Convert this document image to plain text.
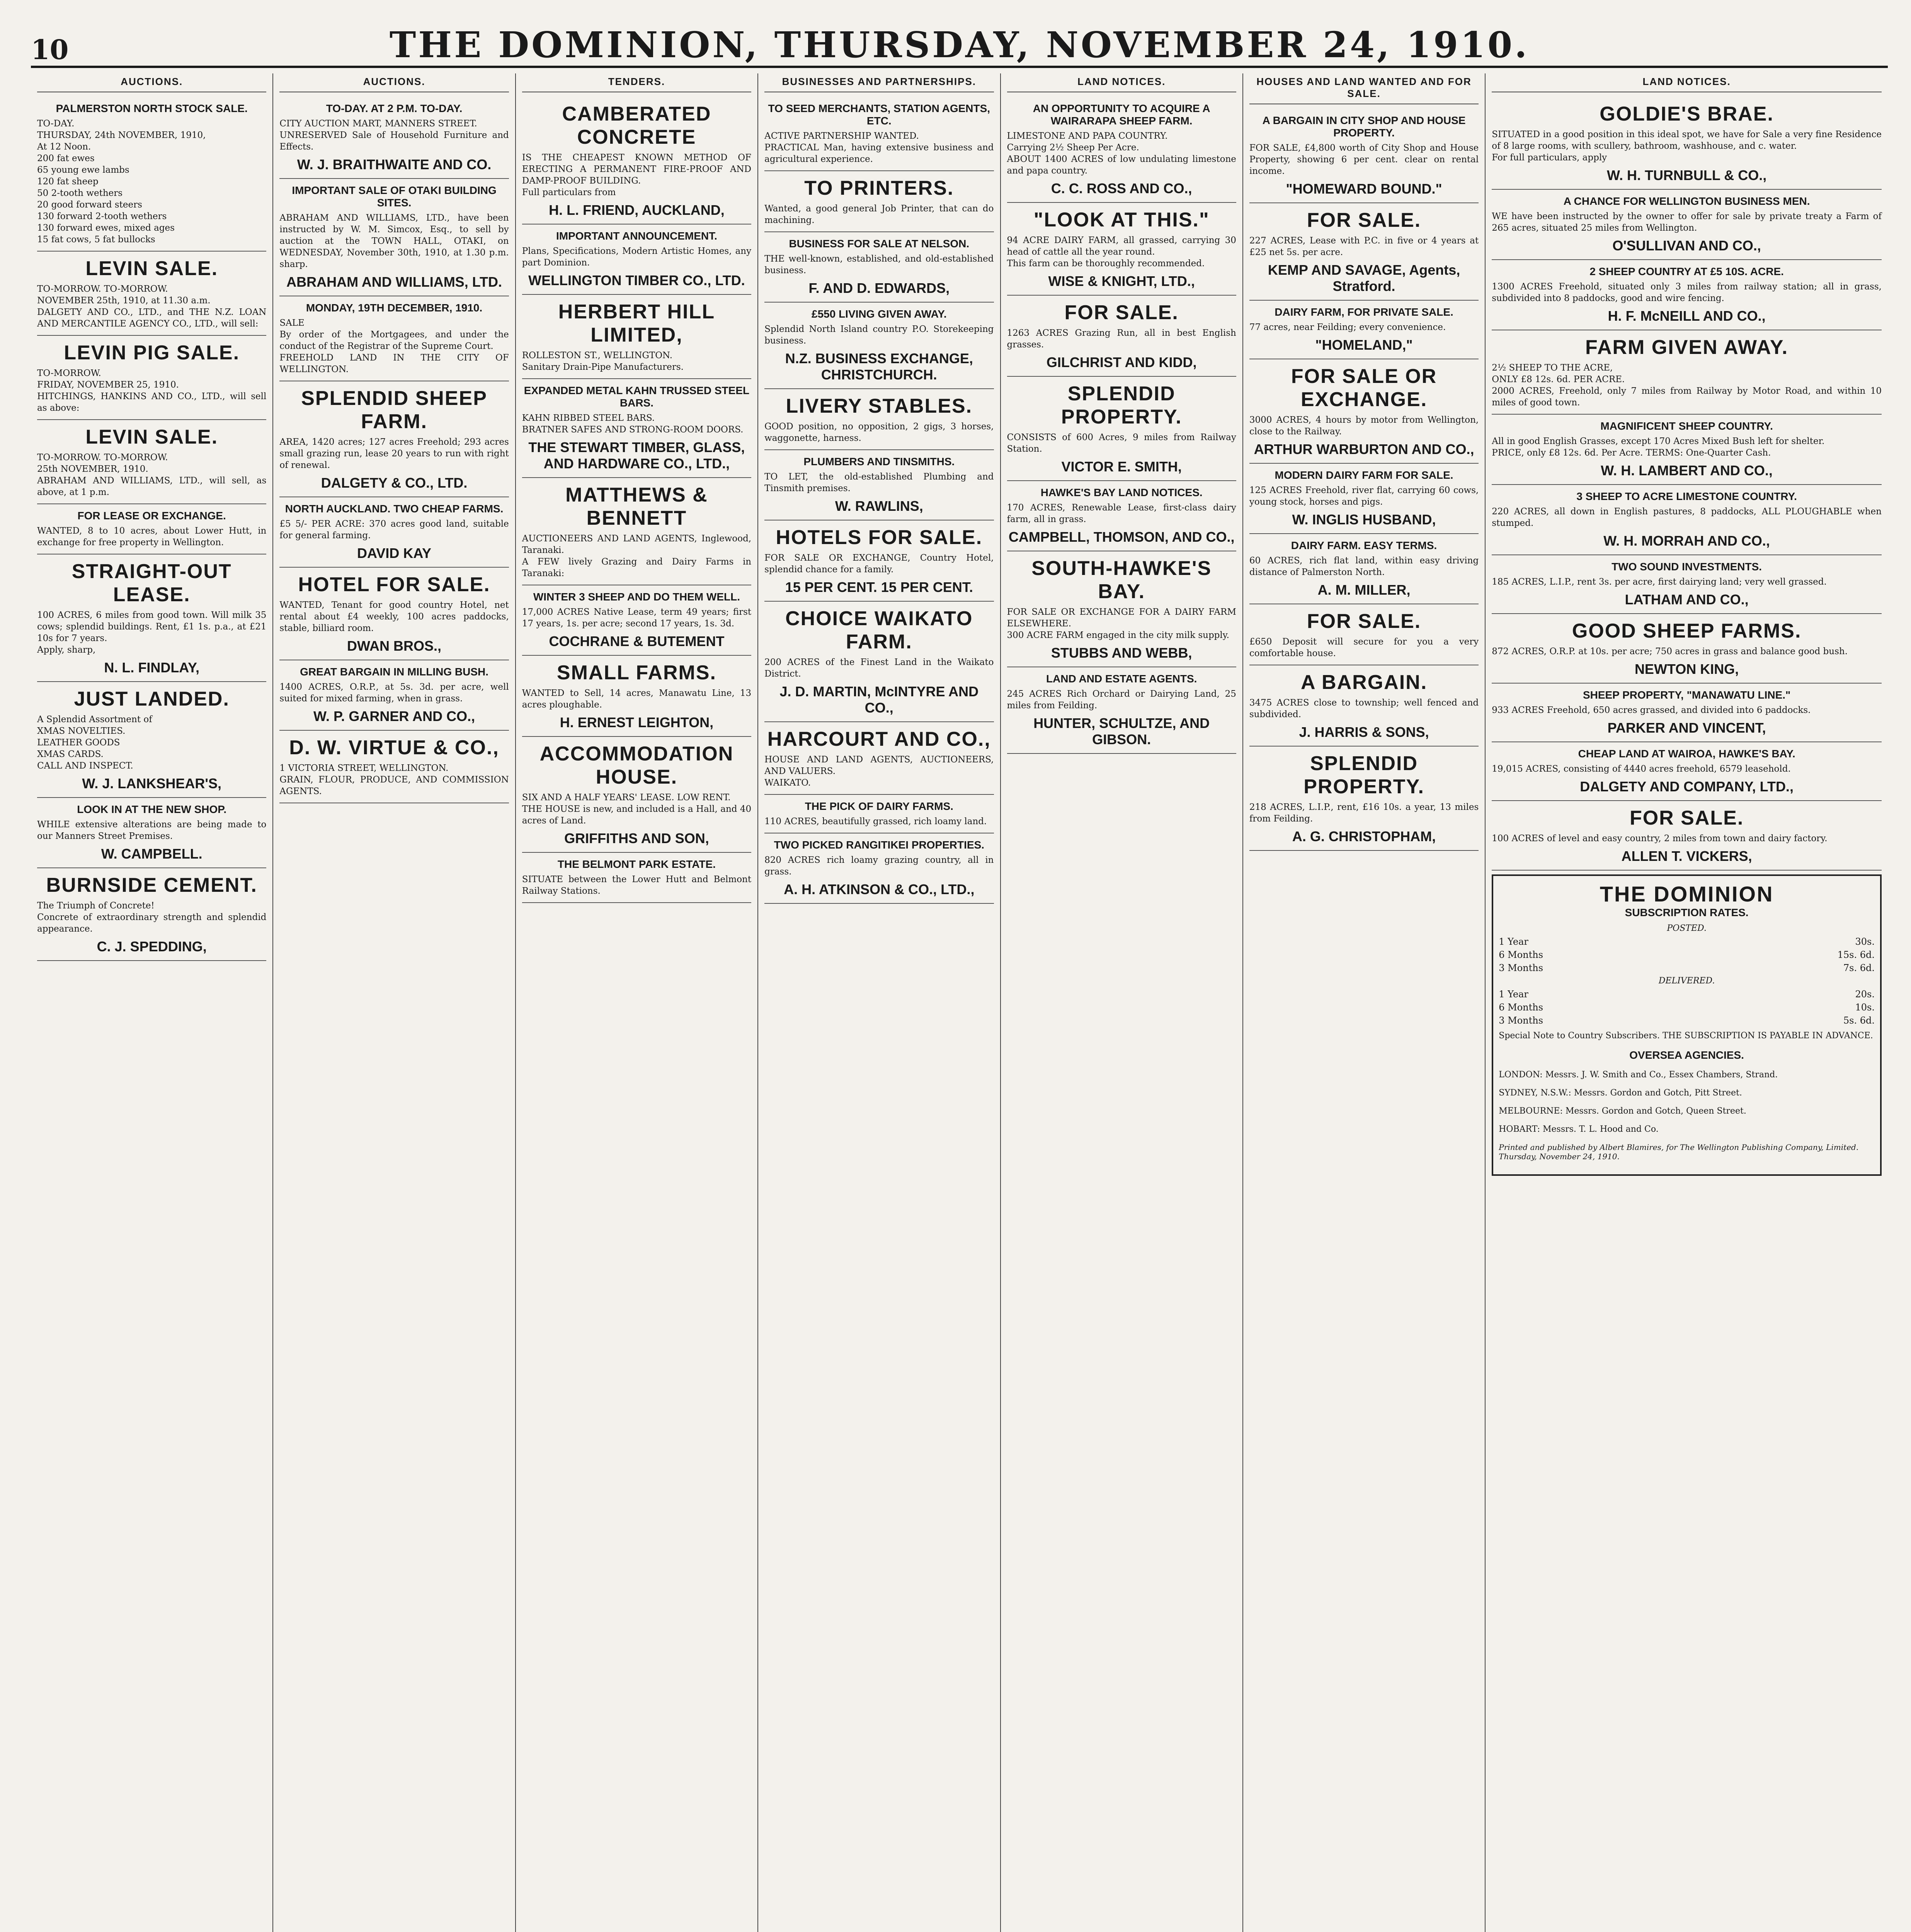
10	THE DOMINION, THURSDAY, NOVEMBER 24, 1910.
AUCTIONS.
PALMERSTON NORTH STOCK SALE.

TO-DAY.

THURSDAY, 24th NOVEMBER, 1910,

At 12 Noon.

200 fat ewes

65 young ewe lambs

120 fat sheep

50 2-tooth wethers

20 good forward steers

130 forward 2-tooth wethers

130 forward ewes, mixed ages

15 fat cows, 5 fat bullocks

LEVIN SALE.

TO-MORROW. TO-MORROW.

NOVEMBER 25th, 1910, at 11.30 a.m.

DALGETY AND CO., LTD., and THE N.Z. LOAN AND MERCANTILE AGENCY CO., LTD., will sell:

LEVIN PIG SALE.

TO-MORROW.

FRIDAY, NOVEMBER 25, 1910.

HITCHINGS, HANKINS AND CO., LTD., will sell as above:

LEVIN SALE.

TO-MORROW. TO-MORROW.

25th NOVEMBER, 1910.

ABRAHAM AND WILLIAMS, LTD., will sell, as above, at 1 p.m.

FOR LEASE OR EXCHANGE.

WANTED, 8 to 10 acres, about Lower Hutt, in exchange for free property in Wellington.

STRAIGHT-OUT LEASE.

100 ACRES, 6 miles from good town. Will milk 35 cows; splendid buildings. Rent, £1 1s. p.a., at £21 10s for 7 years.

Apply, sharp,

N. L. FINDLAY,
JUST LANDED.

A Splendid Assortment of

XMAS NOVELTIES.

LEATHER GOODS

XMAS CARDS.

CALL AND INSPECT.

W. J. LANKSHEAR'S,
LOOK IN AT THE NEW SHOP.

WHILE extensive alterations are being made to our Manners Street Premises.

W. CAMPBELL.
BURNSIDE CEMENT.

The Triumph of Concrete!

Concrete of extraordinary strength and splendid appearance.

C. J. SPEDDING,
AUCTIONS.
TO-DAY. AT 2 P.M. TO-DAY.

CITY AUCTION MART, MANNERS STREET.

UNRESERVED Sale of Household Furniture and Effects.

W. J. BRAITHWAITE AND CO.
IMPORTANT SALE OF OTAKI BUILDING SITES.

ABRAHAM AND WILLIAMS, LTD., have been instructed by W. M. Simcox, Esq., to sell by auction at the TOWN HALL, OTAKI, on WEDNESDAY, November 30th, 1910, at 1.30 p.m. sharp.

ABRAHAM AND WILLIAMS, LTD.
MONDAY, 19TH DECEMBER, 1910.

SALE

By order of the Mortgagees, and under the conduct of the Registrar of the Supreme Court.

FREEHOLD LAND IN THE CITY OF WELLINGTON.

SPLENDID SHEEP FARM.

AREA, 1420 acres; 127 acres Freehold; 293 acres small grazing run, lease 20 years to run with right of renewal.

DALGETY & CO., LTD.
NORTH AUCKLAND. TWO CHEAP FARMS.

£5 5/- PER ACRE: 370 acres good land, suitable for general farming.

DAVID KAY
HOTEL FOR SALE.

WANTED, Tenant for good country Hotel, net rental about £4 weekly, 100 acres paddocks, stable, billiard room.

DWAN BROS.,
GREAT BARGAIN IN MILLING BUSH.

1400 ACRES, O.R.P., at 5s. 3d. per acre, well suited for mixed farming, when in grass.

W. P. GARNER AND CO.,
D. W. VIRTUE & CO.,

1 VICTORIA STREET, WELLINGTON.

GRAIN, FLOUR, PRODUCE, AND COMMISSION AGENTS.

TENDERS.
CAMBERATED CONCRETE

IS THE CHEAPEST KNOWN METHOD OF ERECTING A PERMANENT FIRE-PROOF AND DAMP-PROOF BUILDING.

Full particulars from

H. L. FRIEND, AUCKLAND,
IMPORTANT ANNOUNCEMENT.

Plans, Specifications, Modern Artistic Homes, any part Dominion.

WELLINGTON TIMBER CO., LTD.
HERBERT HILL LIMITED,

ROLLESTON ST., WELLINGTON.

Sanitary Drain-Pipe Manufacturers.

EXPANDED METAL KAHN TRUSSED STEEL BARS.

KAHN RIBBED STEEL BARS.

BRATNER SAFES AND STRONG-ROOM DOORS.

THE STEWART TIMBER, GLASS, AND HARDWARE CO., LTD.,
MATTHEWS & BENNETT

AUCTIONEERS AND LAND AGENTS, Inglewood, Taranaki.

A FEW lively Grazing and Dairy Farms in Taranaki:

WINTER 3 SHEEP AND DO THEM WELL.

17,000 ACRES Native Lease, term 49 years; first 17 years, 1s. per acre; second 17 years, 1s. 3d.

COCHRANE & BUTEMENT
SMALL FARMS.

WANTED to Sell, 14 acres, Manawatu Line, 13 acres ploughable.

H. ERNEST LEIGHTON,
ACCOMMODATION HOUSE.

SIX AND A HALF YEARS' LEASE. LOW RENT.

THE HOUSE is new, and included is a Hall, and 40 acres of Land.

GRIFFITHS AND SON,
THE BELMONT PARK ESTATE.

SITUATE between the Lower Hutt and Belmont Railway Stations.

BUSINESSES AND PARTNERSHIPS.
TO SEED MERCHANTS, STATION AGENTS, ETC.

ACTIVE PARTNERSHIP WANTED.

PRACTICAL Man, having extensive business and agricultural experience.

TO PRINTERS.

Wanted, a good general Job Printer, that can do machining.

BUSINESS FOR SALE AT NELSON.

THE well-known, established, and old-established business.

F. AND D. EDWARDS,
£550 LIVING GIVEN AWAY.

Splendid North Island country P.O. Storekeeping business.

N.Z. BUSINESS EXCHANGE, CHRISTCHURCH.
LIVERY STABLES.

GOOD position, no opposition, 2 gigs, 3 horses, waggonette, harness.

PLUMBERS AND TINSMITHS.

TO LET, the old-established Plumbing and Tinsmith premises.

W. RAWLINS,
HOTELS FOR SALE.

FOR SALE OR EXCHANGE, Country Hotel, splendid chance for a family.

15 PER CENT. 15 PER CENT.
CHOICE WAIKATO FARM.

200 ACRES of the Finest Land in the Waikato District.

J. D. MARTIN, McINTYRE AND CO.,
HARCOURT AND CO.,

HOUSE AND LAND AGENTS, AUCTIONEERS, AND VALUERS.

WAIKATO.

THE PICK OF DAIRY FARMS.

110 ACRES, beautifully grassed, rich loamy land.

TWO PICKED RANGITIKEI PROPERTIES.

820 ACRES rich loamy grazing country, all in grass.

A. H. ATKINSON & CO., LTD.,
LAND NOTICES.
AN OPPORTUNITY TO ACQUIRE A WAIRARAPA SHEEP FARM.

LIMESTONE AND PAPA COUNTRY.

Carrying 2½ Sheep Per Acre.

ABOUT 1400 ACRES of low undulating limestone and papa country.

C. C. ROSS AND CO.,
"LOOK AT THIS."

94 ACRE DAIRY FARM, all grassed, carrying 30 head of cattle all the year round.

This farm can be thoroughly recommended.

WISE & KNIGHT, LTD.,
FOR SALE.

1263 ACRES Grazing Run, all in best English grasses.

GILCHRIST AND KIDD,
SPLENDID PROPERTY.

CONSISTS of 600 Acres, 9 miles from Railway Station.

VICTOR E. SMITH,
HAWKE'S BAY LAND NOTICES.

170 ACRES, Renewable Lease, first-class dairy farm, all in grass.

CAMPBELL, THOMSON, AND CO.,
SOUTH-HAWKE'S BAY.

FOR SALE OR EXCHANGE FOR A DAIRY FARM ELSEWHERE.

300 ACRE FARM engaged in the city milk supply.

STUBBS AND WEBB,
LAND AND ESTATE AGENTS.

245 ACRES Rich Orchard or Dairying Land, 25 miles from Feilding.

HUNTER, SCHULTZE, AND GIBSON.
HOUSES AND LAND WANTED AND FOR SALE.
A BARGAIN IN CITY SHOP AND HOUSE PROPERTY.

FOR SALE, £4,800 worth of City Shop and House Property, showing 6 per cent. clear on rental income.

"HOMEWARD BOUND."
FOR SALE.

227 ACRES, Lease with P.C. in five or 4 years at £25 net 5s. per acre.

KEMP AND SAVAGE, Agents, Stratford.
DAIRY FARM, FOR PRIVATE SALE.

77 acres, near Feilding; every convenience.

"HOMELAND,"
FOR SALE OR EXCHANGE.

3000 ACRES, 4 hours by motor from Wellington, close to the Railway.

ARTHUR WARBURTON AND CO.,
MODERN DAIRY FARM FOR SALE.

125 ACRES Freehold, river flat, carrying 60 cows, young stock, horses and pigs.

W. INGLIS HUSBAND,
DAIRY FARM. EASY TERMS.

60 ACRES, rich flat land, within easy driving distance of Palmerston North.

A. M. MILLER,
FOR SALE.

£650 Deposit will secure for you a very comfortable house.

A BARGAIN.

3475 ACRES close to township; well fenced and subdivided.

J. HARRIS & SONS,
SPLENDID PROPERTY.

218 ACRES, L.I.P., rent, £16 10s. a year, 13 miles from Feilding.

A. G. CHRISTOPHAM,
LAND NOTICES.
GOLDIE'S BRAE.

SITUATED in a good position in this ideal spot, we have for Sale a very fine Residence of 8 large rooms, with scullery, bathroom, washhouse, and c. water.

For full particulars, apply

W. H. TURNBULL & CO.,
A CHANCE FOR WELLINGTON BUSINESS MEN.

WE have been instructed by the owner to offer for sale by private treaty a Farm of 265 acres, situated 25 miles from Wellington.

O'SULLIVAN AND CO.,
2 SHEEP COUNTRY AT £5 10S. ACRE.

1300 ACRES Freehold, situated only 3 miles from railway station; all in grass, subdivided into 8 paddocks, good and wire fencing.

H. F. McNEILL AND CO.,
FARM GIVEN AWAY.

2½ SHEEP TO THE ACRE,

ONLY £8 12s. 6d. PER ACRE.

2000 ACRES, Freehold, only 7 miles from Railway by Motor Road, and within 10 miles of good town.

MAGNIFICENT SHEEP COUNTRY.

All in good English Grasses, except 170 Acres Mixed Bush left for shelter.

PRICE, only £8 12s. 6d. Per Acre. TERMS: One-Quarter Cash.

W. H. LAMBERT AND CO.,
3 SHEEP TO ACRE LIMESTONE COUNTRY.

220 ACRES, all down in English pastures, 8 paddocks, ALL PLOUGHABLE when stumped.

W. H. MORRAH AND CO.,
TWO SOUND INVESTMENTS.

185 ACRES, L.I.P., rent 3s. per acre, first dairying land; very well grassed.

LATHAM AND CO.,
GOOD SHEEP FARMS.

872 ACRES, O.R.P. at 10s. per acre; 750 acres in grass and balance good bush.

NEWTON KING,
SHEEP PROPERTY, "MANAWATU LINE."

933 ACRES Freehold, 650 acres grassed, and divided into 6 paddocks.

PARKER AND VINCENT,
CHEAP LAND AT WAIROA, HAWKE'S BAY.

19,015 ACRES, consisting of 4440 acres freehold, 6579 leasehold.

DALGETY AND COMPANY, LTD.,
FOR SALE.

100 ACRES of level and easy country, 2 miles from town and dairy factory.

ALLEN T. VICKERS,
THE DOMINION
SUBSCRIPTION RATES.
POSTED.
1 Year	30s.
6 Months	15s. 6d.
3 Months	7s. 6d.
DELIVERED.
1 Year	20s.
6 Months	10s.
3 Months	5s. 6d.

Special Note to Country Subscribers. THE SUBSCRIPTION IS PAYABLE IN ADVANCE.

OVERSEA AGENCIES.

LONDON: Messrs. J. W. Smith and Co., Essex Chambers, Strand.

SYDNEY, N.S.W.: Messrs. Gordon and Gotch, Pitt Street.

MELBOURNE: Messrs. Gordon and Gotch, Queen Street.

HOBART: Messrs. T. L. Hood and Co.

Printed and published by Albert Blamires, for The Wellington Publishing Company, Limited. Thursday, November 24, 1910.
